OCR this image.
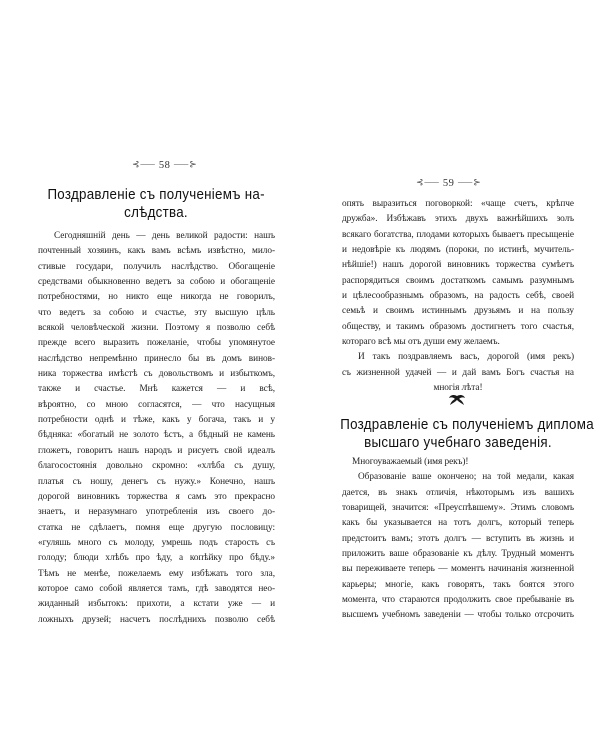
⊰⸺ 58 ⸺⊱
Поздравленіе съ полученіемъ на-
слѣдства.
Сегодняшній день — день великой радости: нашъ
почтенный хозяинъ, какъ вамъ всѣмъ извѣстно, мило-
стивые государи, получилъ наслѣдство. Обогащеніе
средствами обыкновенно ведетъ за собою и обогащеніе
потребностями, но никто еще никогда не говорилъ,
что ведетъ за собою и счастье, эту высшую цѣль
всякой человѣческой жизни. Поэтому я позволю себѣ
прежде всего выразить пожеланіе, чтобы упомянутое
наслѣдство непремѣнно принесло бы въ домъ винов-
ника торжества имѣстѣ съ довольствомъ и избыткомъ,
также и счастье. Мнѣ кажется — и всѣ,
вѣроятно, со мною согласятся, — что насущныя
потребности однѣ и тѣже, какъ у богача, такъ и у
бѣдняка: «богатый не золото ѣстъ, а бѣдный не камень
гложетъ, говоритъ нашъ народъ и рисуетъ свой идеалъ
благосостоянія довольно скромно: «хлѣба съ душу,
платья съ ношу, денегъ съ нужу.» Конечно, нашъ
дорогой виновникъ торжества я самъ это прекрасно
знаетъ, и неразумнаго употребленія изъ своего до-
статка не сдѣлаетъ, помня еще другую пословицу:
«гуляшь много съ молоду, умрешь подъ старость съ
голоду; блюди хлѣбъ про ѣду, а копѣйку про бѣду.»
Тѣмъ не менѣе, пожелаемъ ему избѣжать того зла,
которое само собой является тамъ, гдѣ заводятся нео-
жиданный избытокъ: прихоти, а кстати уже — и
ложныхъ друзей; насчетъ послѣднихъ позволю себѣ
⊰⸺ 59 ⸺⊱
опять выразиться поговоркой: «чаще счетъ, крѣпче
дружба». Избѣжавъ этихъ двухъ важнѣйшихъ золъ
всякаго богатства, плодами которыхъ бываетъ пресыщеніе
и недовѣріе къ людямъ (пороки, по истинѣ, мучитель-
нѣйшіе!) нашъ дорогой виновникъ торжества сумѣетъ
распорядиться своимъ достаткомъ самымъ разумнымъ
и цѣлесообразнымъ образомъ, на радость себѣ, своей
семьѣ и своимъ истиннымъ друзьямъ и на пользу
обществу, и такимъ образомъ достигнетъ того счастья,
котораго всѣ мы отъ души ему желаемъ.
И такъ поздравляемъ васъ, дорогой (имя рекъ)
съ жизненной удачей — и дай вамъ Богъ счастья на
многія лѣта!
Поздравленіе съ полученіемъ диплома
высшаго учебнаго заведенія.
Многоуважаемый (имя рекъ)!
Образованіе ваше окончено; на той медали, какая
дается, въ знакъ отличія, нѣкоторымъ изъ вашихъ
товарищей, значится: «Преуспѣвшему». Этимъ словомъ
какъ бы указывается на тотъ долгъ, который теперь
предстоитъ вамъ; этотъ долгъ — вступить въ жизнь и
приложить ваше образованіе къ дѣлу. Трудный моментъ
вы переживаете теперь — моментъ начинанія жизненной
карьеры; многіе, какъ говорятъ, такъ боятся этого
момента, что стараются продолжить свое пребываніе въ
высшемъ учебномъ заведеніи — чтобы только отсрочить
